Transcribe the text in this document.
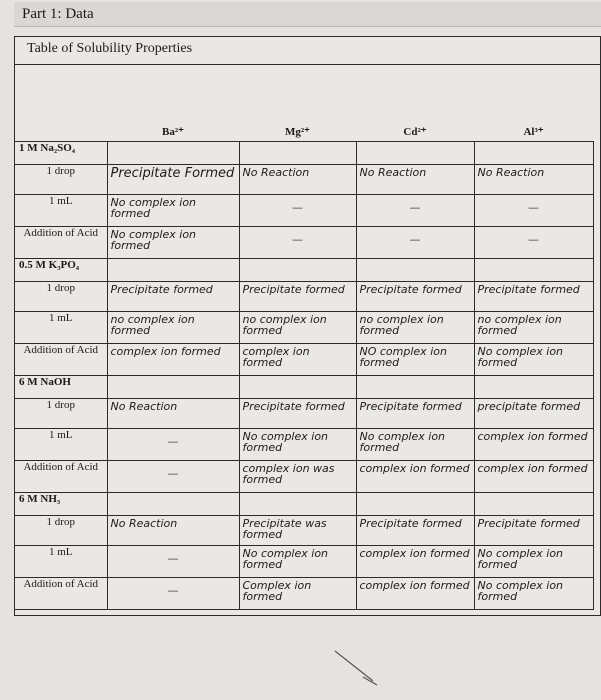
Part 1: Data
Table of Solubility Properties
	Ba²⁺	Mg²⁺	Cd²⁺	Al³⁺
1 M Na₂SO₄	

1 drop	Precipitate Formed	No Reaction	No Reaction	No Reaction

1 mL	No complex ion formed	—	—	—

Addition of Acid	No complex ion formed	—	—	—

0.5 M K₃PO₄	

1 drop	Precipitate formed	Precipitate formed	Precipitate formed	Precipitate formed

1 mL	no complex ion formed	no complex ion formed	no complex ion formed	no complex ion formed

Addition of Acid	complex ion formed	complex ion formed	NO complex ion formed	No complex ion formed

6 M NaOH	

1 drop	No Reaction	Precipitate formed	Precipitate formed	precipitate formed

1 mL	—	No complex ion formed	No complex ion formed	complex ion formed

Addition of Acid	—	complex ion was formed	complex ion formed	complex ion formed

6 M NH₃	

1 drop	No Reaction	Precipitate was formed	Precipitate formed	Precipitate formed

1 mL	—	No complex ion formed	complex ion formed	No complex ion formed

Addition of Acid	—	Complex ion formed	complex ion formed	No complex ion formed
